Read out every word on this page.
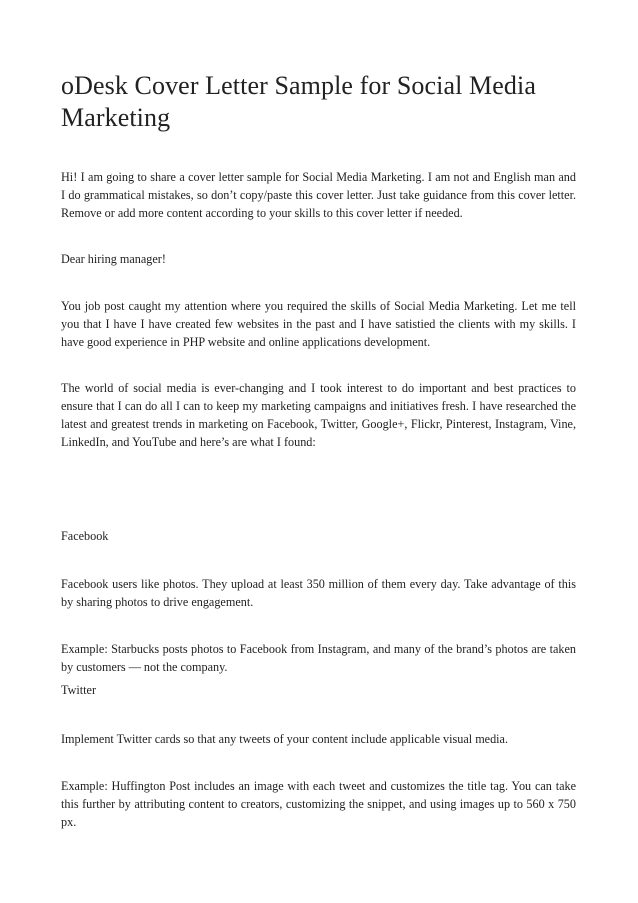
oDesk Cover Letter Sample for Social Media Marketing

Hi! I am going to share a cover letter sample for Social Media Marketing. I am not and English man and I do grammatical mistakes, so don’t copy/paste this cover letter. Just take guidance from this cover letter. Remove or add more content according to your skills to this cover letter if needed.

Dear hiring manager!

You job post caught my attention where you required the skills of Social Media Marketing. Let me tell you that I have I have created few websites in the past and I have satistied the clients with my skills. I have good experience in PHP website and online applications development.

The world of social media is ever-changing and I took interest to do important and best practices to ensure that I can do all I can to keep my marketing campaigns and initiatives fresh. I have researched the latest and greatest trends in marketing on Facebook, Twitter, Google+, Flickr, Pinterest, Instagram, Vine, LinkedIn, and YouTube and here’s are what I found:

Facebook

Facebook users like photos. They upload at least 350 million of them every day. Take advantage of this by sharing photos to drive engagement.

Example: Starbucks posts photos to Facebook from Instagram, and many of the brand’s photos are taken by customers — not the company.

Twitter

Implement Twitter cards so that any tweets of your content include applicable visual media.

Example: Huffington Post includes an image with each tweet and customizes the title tag. You can take this further by attributing content to creators, customizing the snippet, and using images up to 560 x 750 px.
